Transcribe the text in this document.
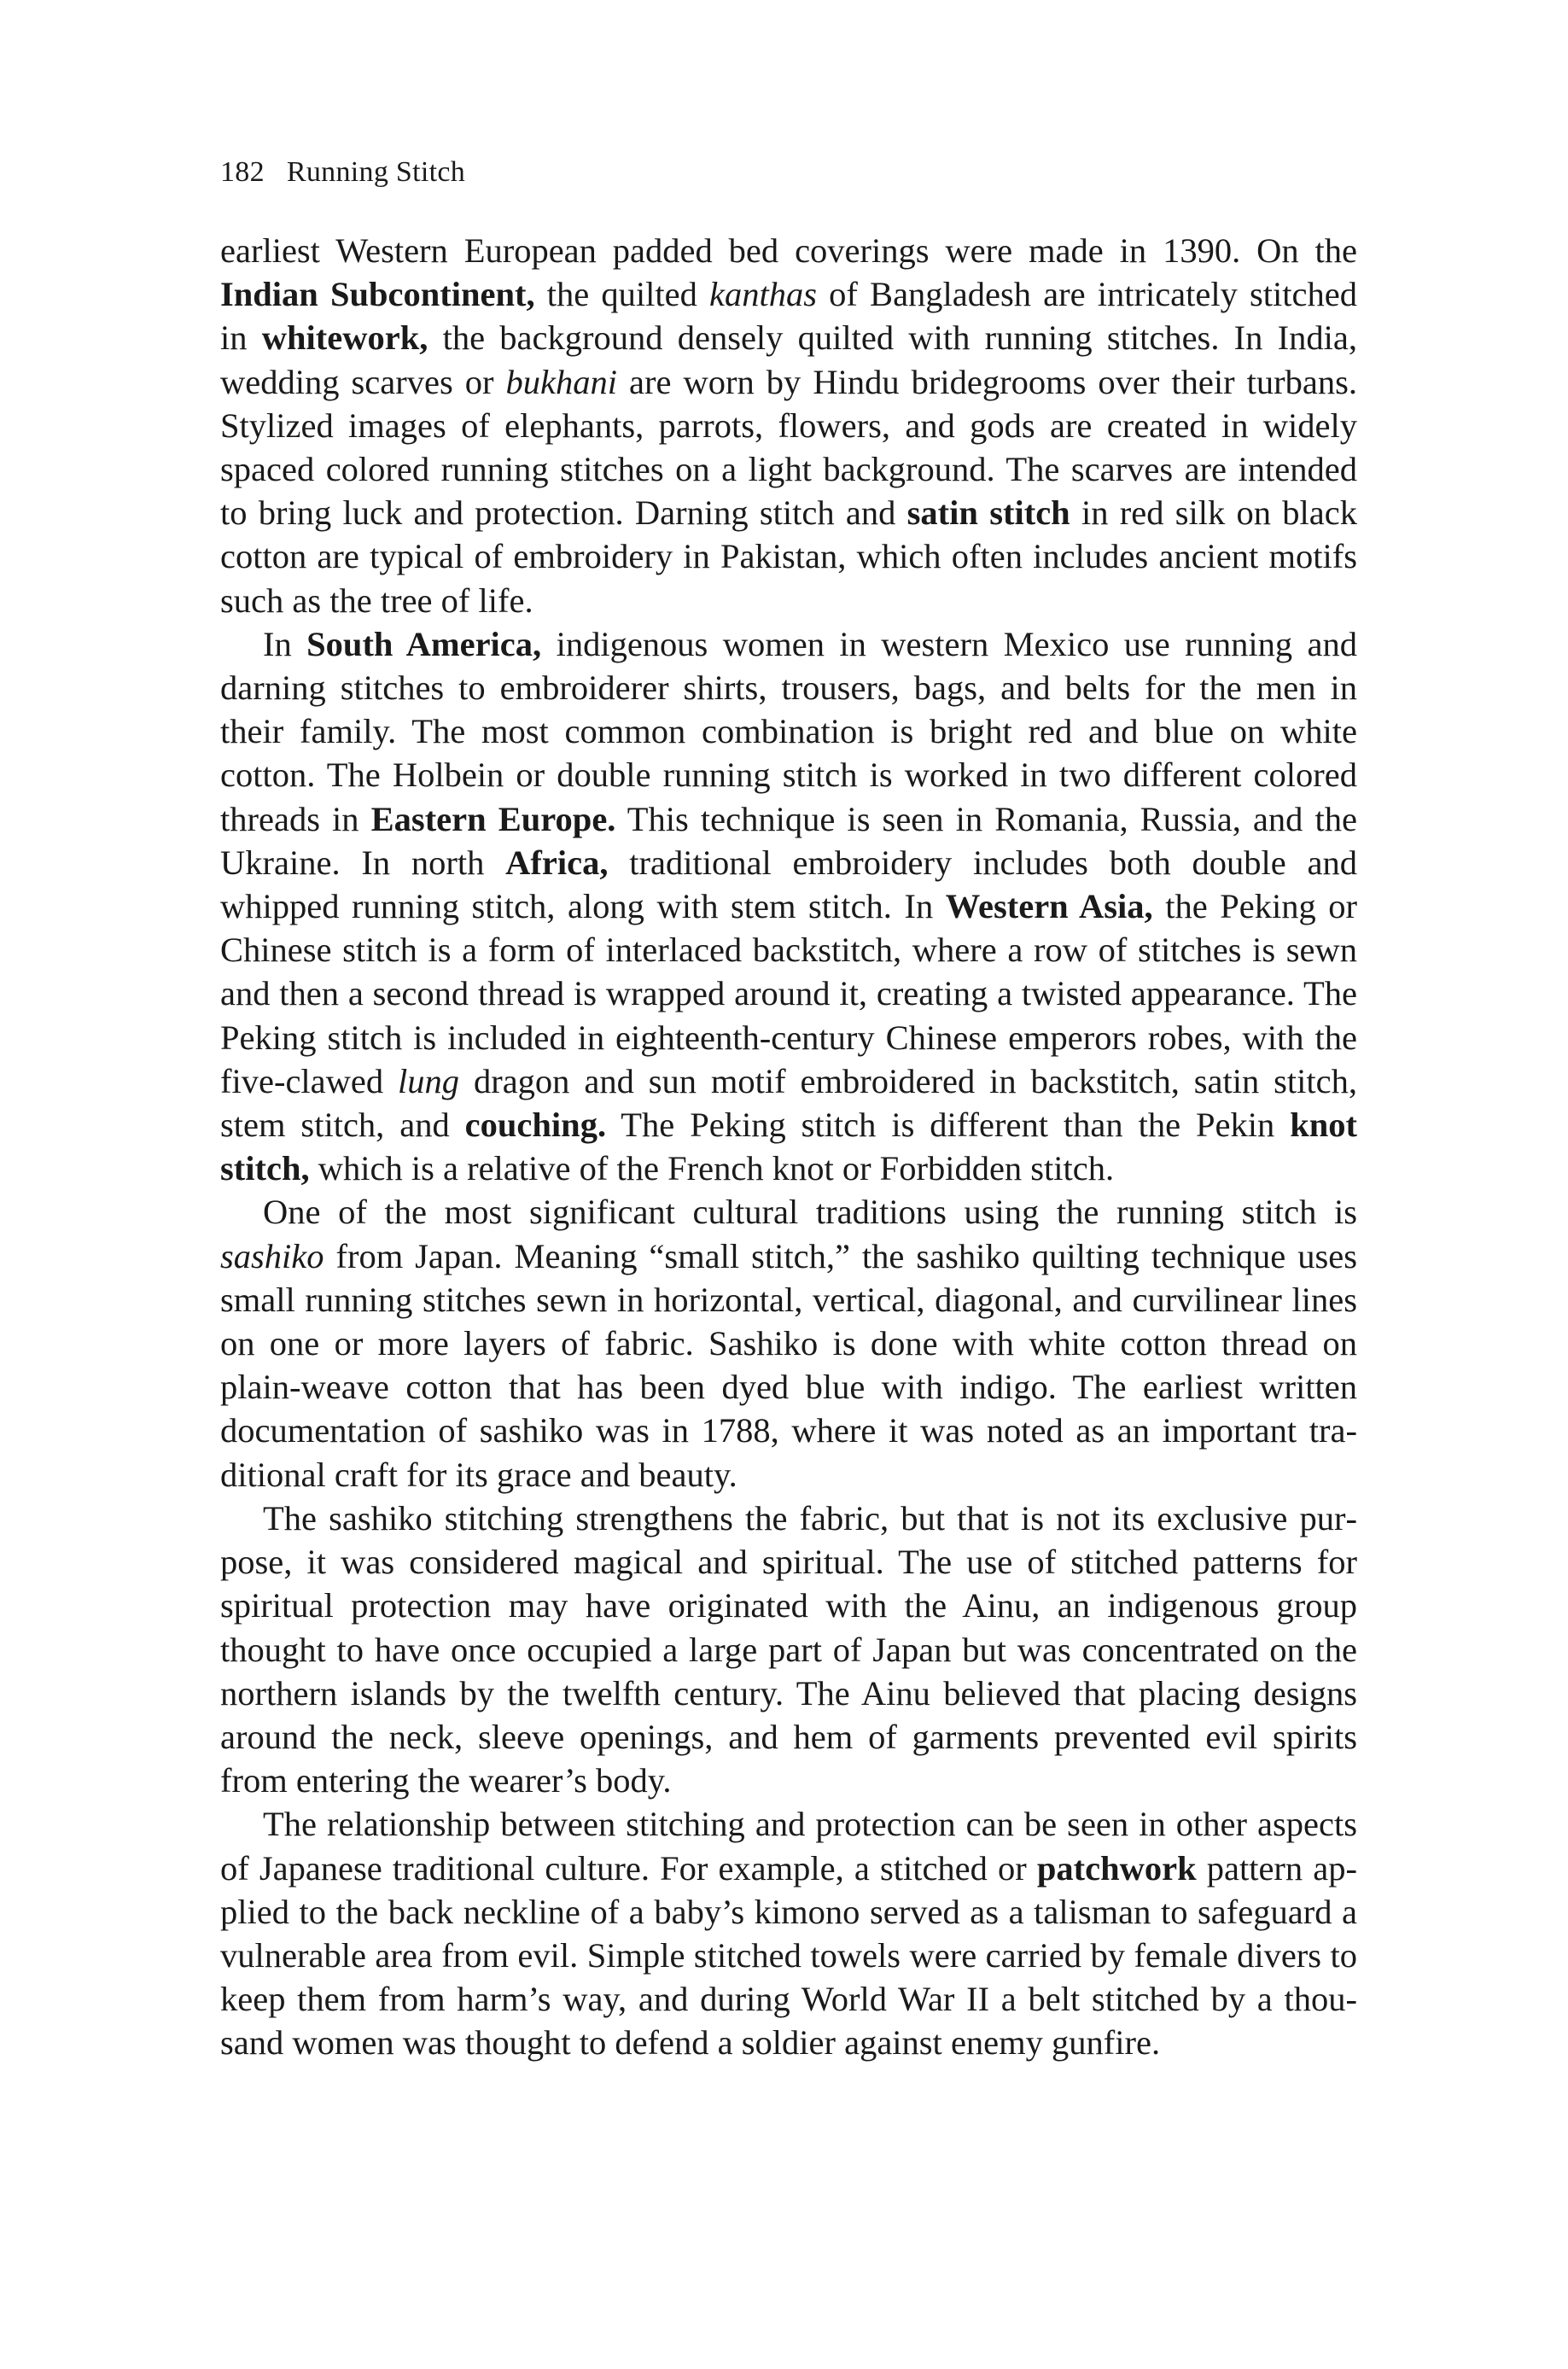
182 Running Stitch

earliest Western European padded bed coverings were made in 1390. On the Indian Subcontinent, the quilted kanthas of Bangladesh are intricately stitched in whitework, the background densely quilted with running stitches. In India, wedding scarves or bukhani are worn by Hindu bridegrooms over their turbans. Stylized images of elephants, parrots, flowers, and gods are created in widely spaced colored running stitches on a light background. The scarves are intended to bring luck and protection. Darning stitch and satin stitch in red silk on black cotton are typical of embroidery in Pakistan, which often includes ancient motifs such as the tree of life.

In South America, indigenous women in western Mexico use running and darning stitches to embroiderer shirts, trousers, bags, and belts for the men in their family. The most common combination is bright red and blue on white cotton. The Holbein or double running stitch is worked in two different colored threads in Eastern Europe. This technique is seen in Romania, Russia, and the Ukraine. In north Africa, traditional embroidery includes both double and whipped running stitch, along with stem stitch. In Western Asia, the Peking or Chinese stitch is a form of interlaced backstitch, where a row of stitches is sewn and then a second thread is wrapped around it, creating a twisted appearance. The Peking stitch is included in eighteenth-century Chinese emperors robes, with the five-clawed lung dragon and sun motif embroidered in backstitch, satin stitch, stem stitch, and couching. The Peking stitch is different than the Pekin knot stitch, which is a relative of the French knot or Forbidden stitch.

One of the most significant cultural traditions using the running stitch is sashiko from Japan. Meaning “small stitch,” the sashiko quilting technique uses small running stitches sewn in horizontal, vertical, diagonal, and curvilinear lines on one or more layers of fabric. Sashiko is done with white cotton thread on plain-weave cotton that has been dyed blue with indigo. The earliest written documentation of sashiko was in 1788, where it was noted as an important traditional craft for its grace and beauty.

The sashiko stitching strengthens the fabric, but that is not its exclusive purpose, it was considered magical and spiritual. The use of stitched patterns for spiritual protection may have originated with the Ainu, an indigenous group thought to have once occupied a large part of Japan but was concentrated on the northern islands by the twelfth century. The Ainu believed that placing designs around the neck, sleeve openings, and hem of garments prevented evil spirits from entering the wearer’s body.

The relationship between stitching and protection can be seen in other aspects of Japanese traditional culture. For example, a stitched or patchwork pattern applied to the back neckline of a baby’s kimono served as a talisman to safeguard a vulnerable area from evil. Simple stitched towels were carried by female divers to keep them from harm’s way, and during World War II a belt stitched by a thousand women was thought to defend a soldier against enemy gunfire.
